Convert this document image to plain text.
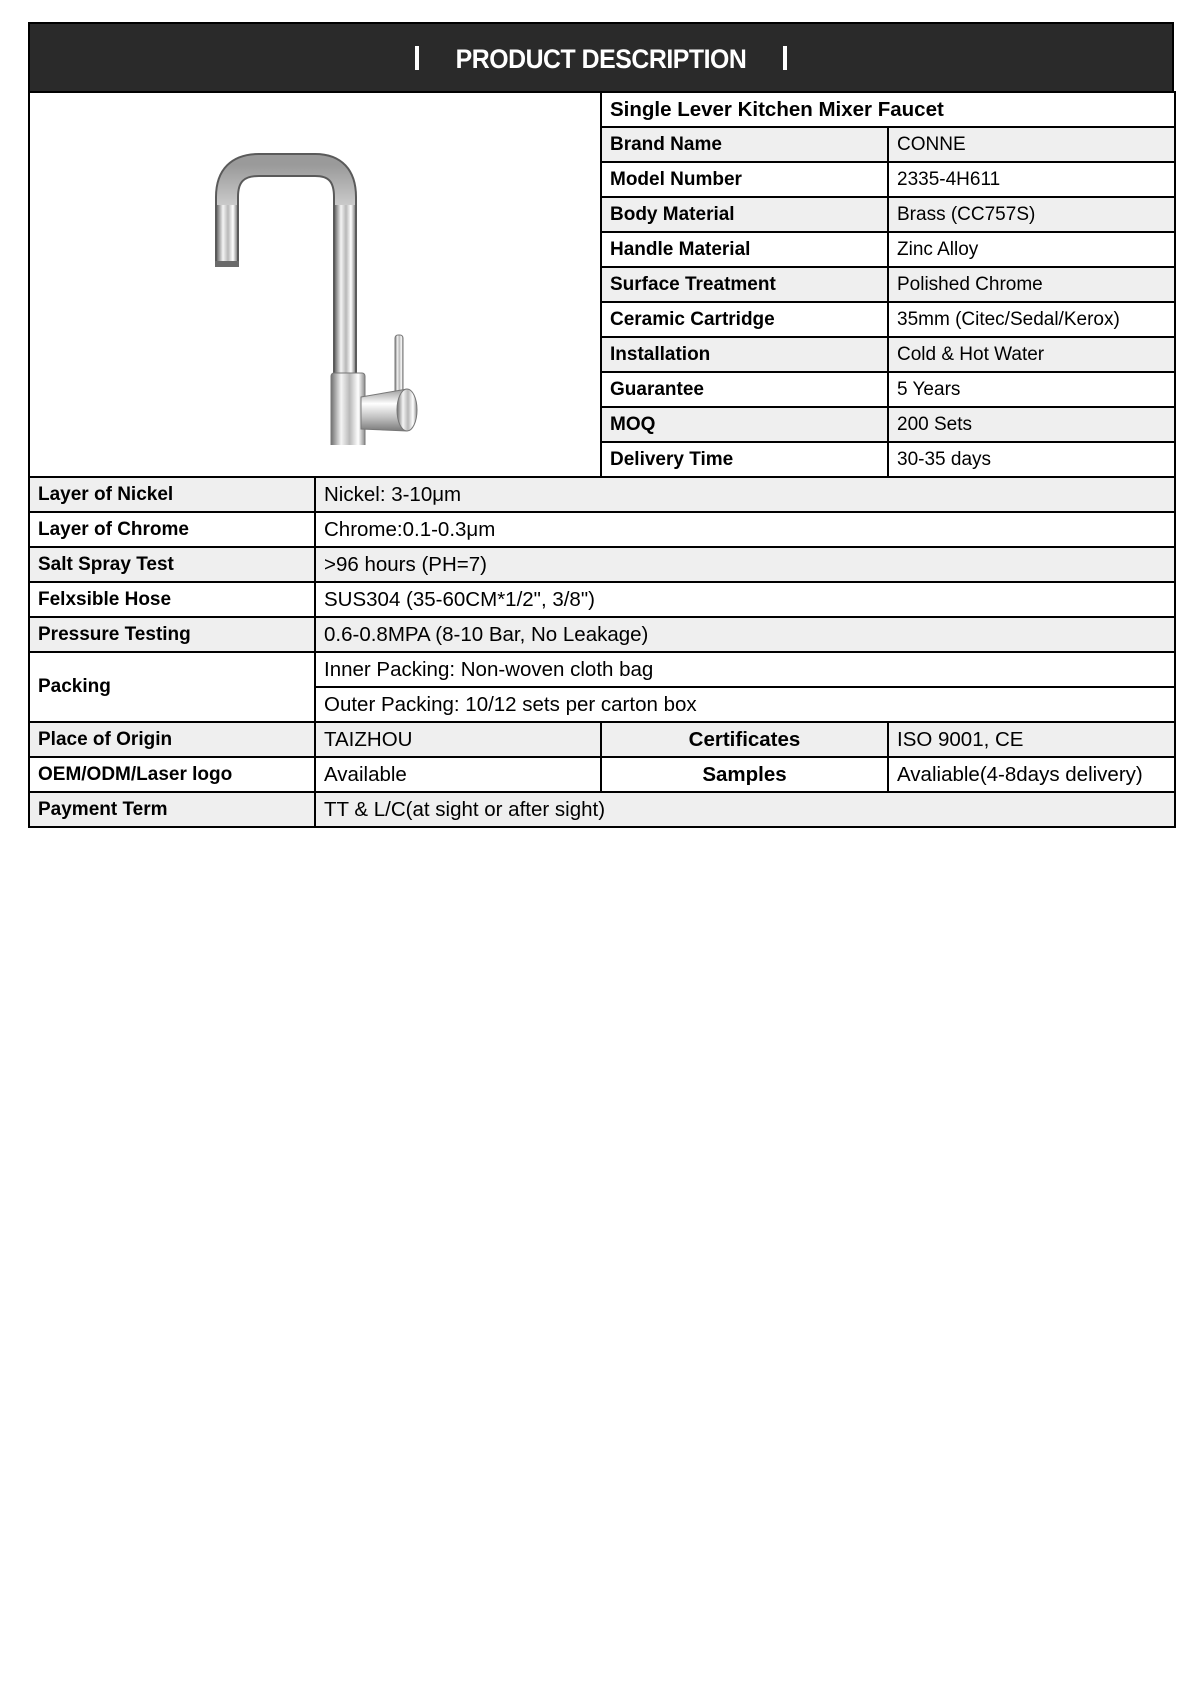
PRODUCT DESCRIPTION
	Single Lever Kitchen Mixer Faucet	
		Brand Name	CONNE
		Model Number	2335-4H611
		Body Material	Brass (CC757S)
		Handle Material	Zinc Alloy
		Surface Treatment	Polished Chrome
		Ceramic Cartridge	35mm (Citec/Sedal/Kerox)
		Installation	Cold & Hot Water
		Guarantee	5 Years
		MOQ	200 Sets
		Delivery Time	30-35 days
Layer of Nickel	Nickel: 3-10μm		
Layer of Chrome	Chrome:0.1-0.3μm		
Salt Spray Test	>96 hours (PH=7)		
Felxsible Hose	SUS304 (35-60CM*1/2", 3/8")		
Pressure Testing	0.6-0.8MPA (8-10 Bar, No Leakage)		
Packing	Inner Packing: Non-woven cloth bag		
	Outer Packing: 10/12 sets per carton box		
Place of Origin	TAIZHOU	Certificates	ISO 9001, CE
OEM/ODM/Laser logo	Available	Samples	Avaliable(4-8days delivery)
Payment Term	TT & L/C(at sight or after sight)		
